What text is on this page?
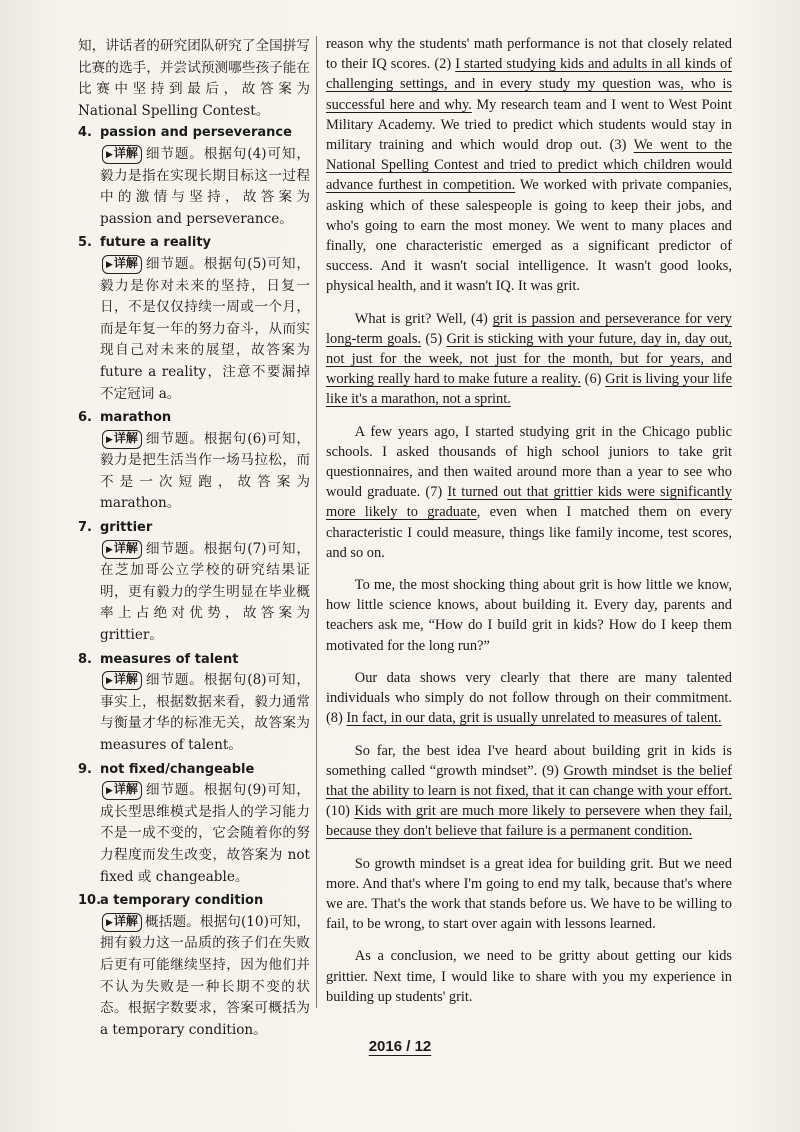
知，讲话者的研究团队研究了全国拼写比赛的选手，并尝试预测哪些孩子能在比赛中坚持到最后，故答案为 National Spelling Contest。
4. passion and perseverance
▶详解 细节题。根据句(4)可知，毅力是指在实现长期目标这一过程中的激情与坚持，故答案为 passion and perseverance。
5. future a reality
▶详解 细节题。根据句(5)可知，毅力是你对未来的坚持，日复一日，不是仅仅持续一周或一个月，而是年复一年的努力奋斗，从而实现自己对未来的展望，故答案为 future a reality，注意不要漏掉不定冠词 a。
6. marathon
▶详解 细节题。根据句(6)可知，毅力是把生活当作一场马拉松，而不是一次短跑，故答案为 marathon。
7. grittier
▶详解 细节题。根据句(7)可知，在芝加哥公立学校的研究结果证明，更有毅力的学生明显在毕业概率上占绝对优势，故答案为 grittier。
8. measures of talent
▶详解 细节题。根据句(8)可知，事实上，根据数据来看，毅力通常与衡量才华的标准无关，故答案为 measures of talent。
9. not fixed/changeable
▶详解 细节题。根据句(9)可知，成长型思维模式是指人的学习能力不是一成不变的，它会随着你的努力程度而发生改变，故答案为 not fixed 或 changeable。
10.
a temporary condition
▶详解 概括题。根据句(10)可知，拥有毅力这一品质的孩子们在失败后更有可能继续坚持，因为他们并不认为失败是一种长期不变的状态。根据字数要求，答案可概括为 a temporary condition。

reason why the students' math performance is not that closely related to their IQ scores. (2) I started studying kids and adults in all kinds of challenging settings, and in every study my question was, who is successful here and why. My research team and I went to West Point Military Academy. We tried to predict which students would stay in military training and which would drop out. (3) We went to the National Spelling Contest and tried to predict which children would advance furthest in competition. We worked with private companies, asking which of these salespeople is going to keep their jobs, and who's going to earn the most money. We went to many places and finally, one characteristic emerged as a significant predictor of success. And it wasn't social intelligence. It wasn't good looks, physical health, and it wasn't IQ. It was grit.

What is grit? Well, (4) grit is passion and perseverance for very long-term goals. (5) Grit is sticking with your future, day in, day out, not just for the week, not just for the month, but for years, and working really hard to make future a reality. (6) Grit is living your life like it's a marathon, not a sprint.

A few years ago, I started studying grit in the Chicago public schools. I asked thousands of high school juniors to take grit questionnaires, and then waited around more than a year to see who would graduate. (7) It turned out that grittier kids were significantly more likely to graduate, even when I matched them on every characteristic I could measure, things like family income, test scores, and so on.

To me, the most shocking thing about grit is how little we know, how little science knows, about building it. Every day, parents and teachers ask me, “How do I build grit in kids? How do I keep them motivated for the long run?”

Our data shows very clearly that there are many talented individuals who simply do not follow through on their commitment. (8) In fact, in our data, grit is usually unrelated to measures of talent.

So far, the best idea I've heard about building grit in kids is something called “growth mindset”. (9) Growth mindset is the belief that the ability to learn is not fixed, that it can change with your effort. (10) Kids with grit are much more likely to persevere when they fail, because they don't believe that failure is a permanent condition.

So growth mindset is a great idea for building grit. But we need more. And that's where I'm going to end my talk, because that's where we are. That's the work that stands before us. We have to be willing to fail, to be wrong, to start over again with lessons learned.

As a conclusion, we need to be gritty about getting our kids grittier. Next time, I would like to share with you my experience in building up students' grit.

2016 / 12
